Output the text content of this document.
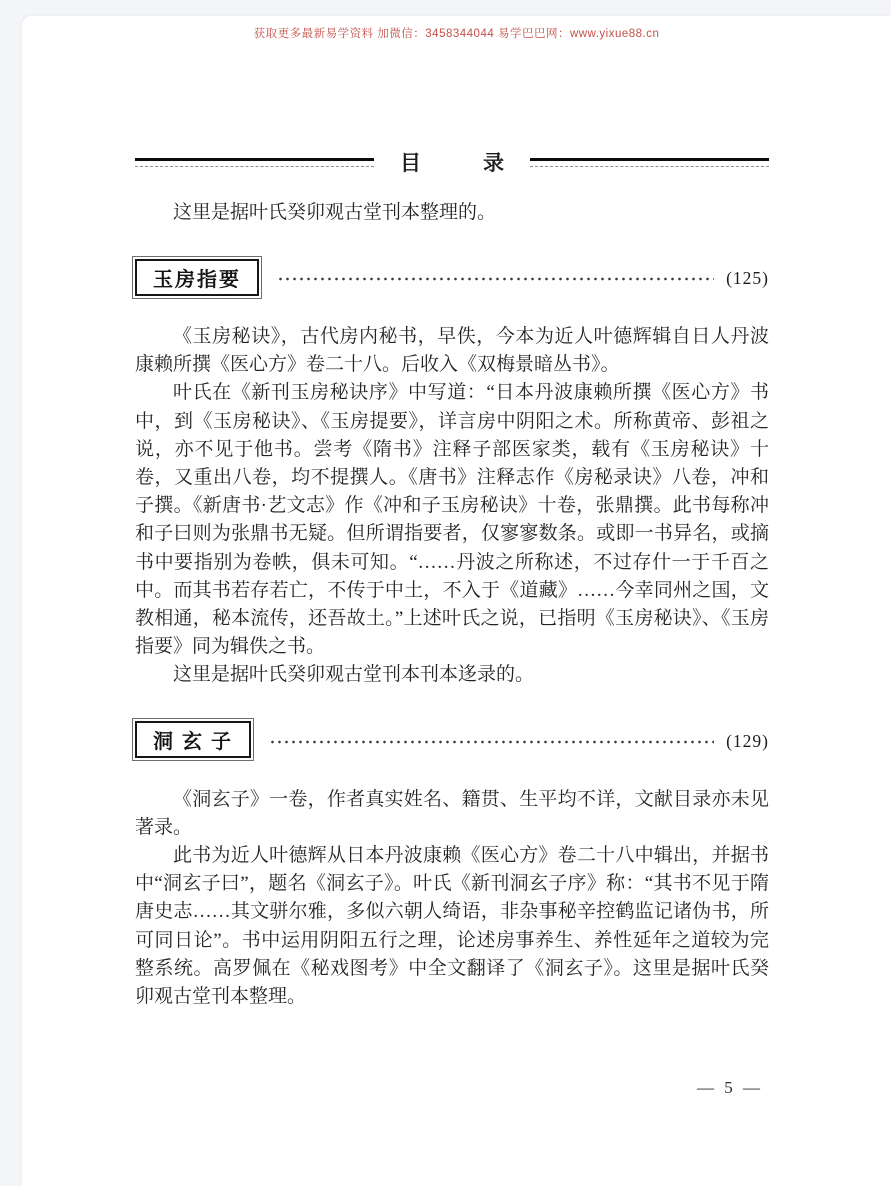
获取更多最新易学资料 加微信：3458344044 易学巴巴网：www.yixue88.cn
目	录

这里是据叶氏癸卯观古堂刊本整理的。

玉房指要	(125)

《玉房秘诀》，古代房内秘书，早佚，今本为近人叶德辉辑自日人丹波康赖所撰《医心方》卷二十八。后收入《双梅景暗丛书》。

叶氏在《新刊玉房秘诀序》中写道：“日本丹波康赖所撰《医心方》书中，到《玉房秘诀》、《玉房提要》，详言房中阴阳之术。所称黄帝、彭祖之说，亦不见于他书。尝考《隋书》注释子部医家类，载有《玉房秘诀》十卷，又重出八卷，均不提撰人。《唐书》注释志作《房秘录诀》八卷，冲和子撰。《新唐书·艺文志》作《冲和子玉房秘诀》十卷，张鼎撰。此书每称冲和子曰则为张鼎书无疑。但所谓指要者，仅寥寥数条。或即一书异名，或摘书中要指别为卷帙，俱未可知。“……丹波之所称述，不过存什一于千百之中。而其书若存若亡，不传于中土，不入于《道藏》……今幸同州之国，文教相通，秘本流传，还吾故土。”上述叶氏之说，已指明《玉房秘诀》、《玉房指要》同为辑佚之书。

这里是据叶氏癸卯观古堂刊本刊本迻录的。

洞 玄 子	(129)

《洞玄子》一卷，作者真实姓名、籍贯、生平均不详，文献目录亦未见著录。

此书为近人叶德辉从日本丹波康赖《医心方》卷二十八中辑出，并据书中“洞玄子曰”，题名《洞玄子》。叶氏《新刊洞玄子序》称：“其书不见于隋唐史志……其文骈尔雅，多似六朝人绮语，非杂事秘辛控鹤监记诸伪书，所可同日论”。书中运用阴阳五行之理，论述房事养生、养性延年之道较为完整系统。高罗佩在《秘戏图考》中全文翻译了《洞玄子》。这里是据叶氏癸卯观古堂刊本整理。

— 5 —
